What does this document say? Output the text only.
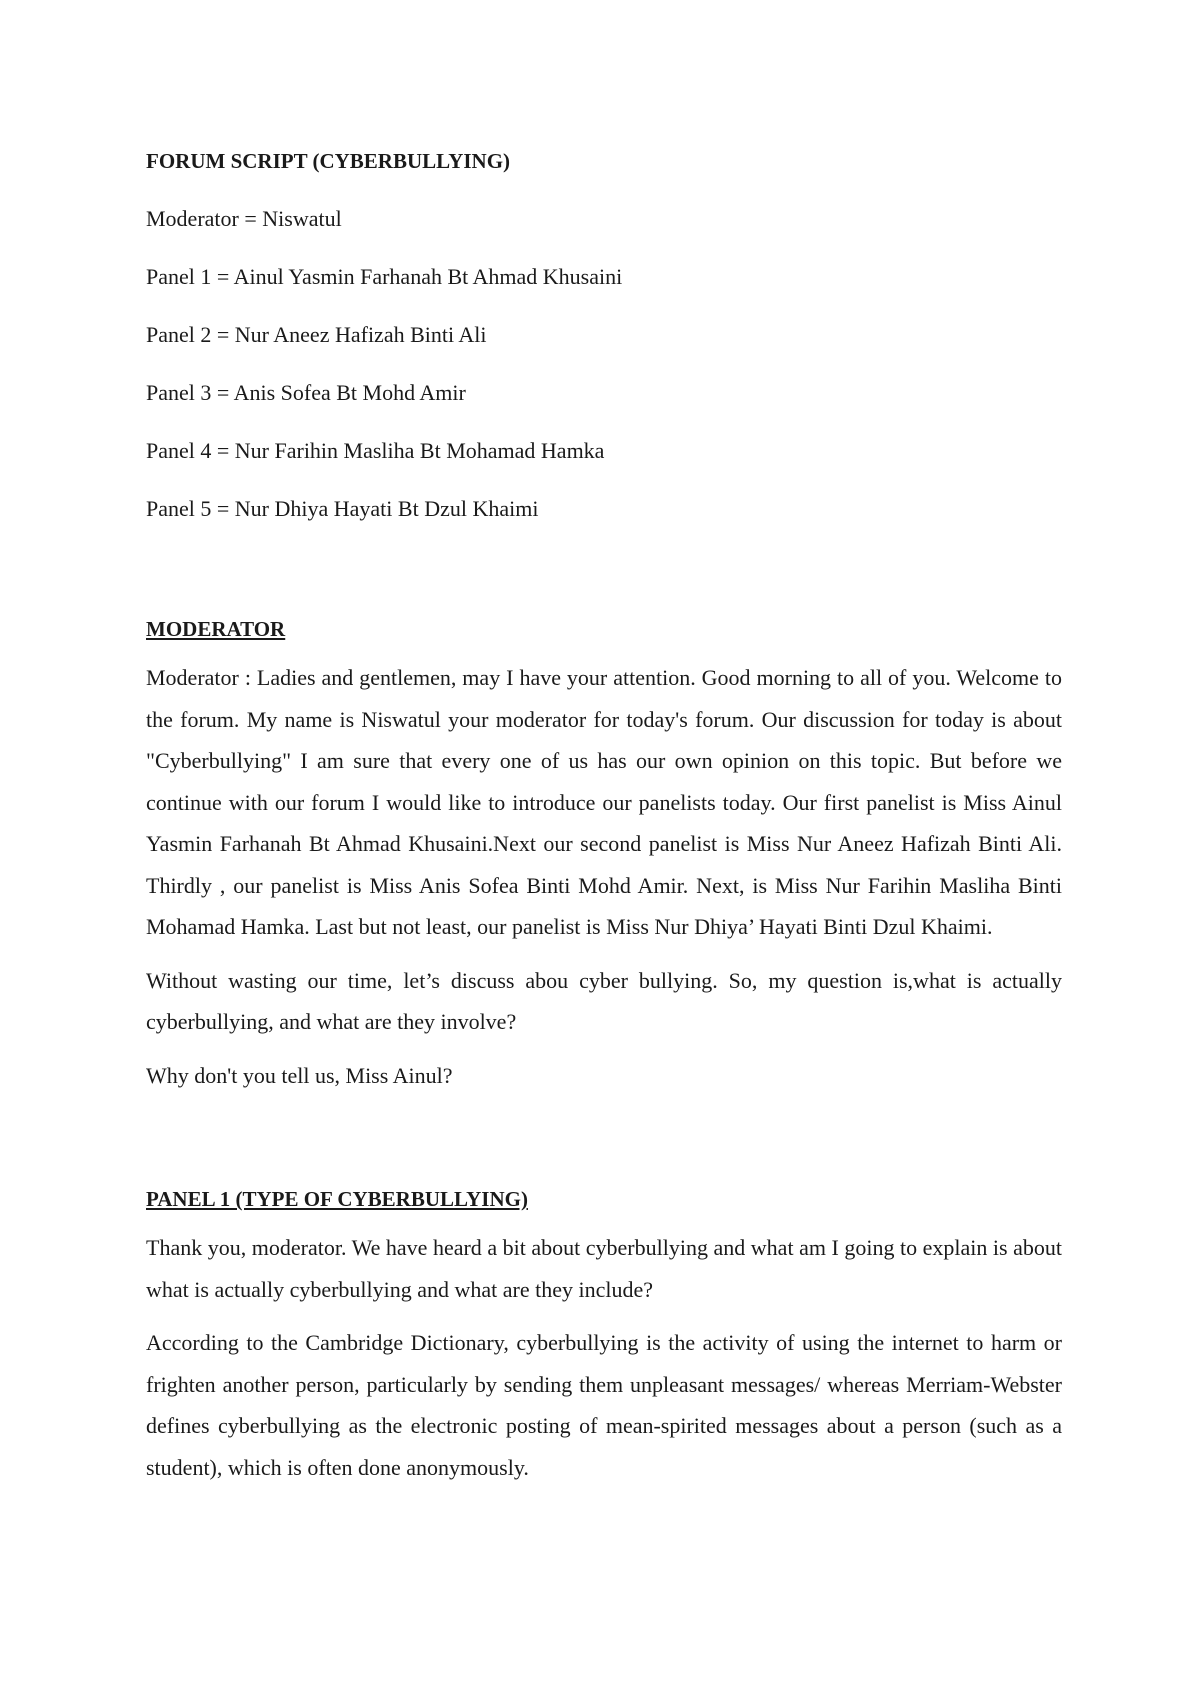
FORUM SCRIPT (CYBERBULLYING)

Moderator = Niswatul

Panel 1 = Ainul Yasmin Farhanah Bt Ahmad Khusaini

Panel 2 = Nur Aneez Hafizah Binti Ali

Panel 3 = Anis Sofea Bt Mohd Amir

Panel 4 = Nur Farihin Masliha Bt Mohamad Hamka

Panel 5 = Nur Dhiya Hayati Bt Dzul Khaimi

MODERATOR

Moderator : Ladies and gentlemen, may I have your attention. Good morning to all of you. Welcome to the forum. My name is Niswatul your moderator for today's forum. Our discussion for today is about "Cyberbullying" I am sure that every one of us has our own opinion on this topic. But before we continue with our forum I would like to introduce our panelists today. Our first panelist is Miss Ainul Yasmin Farhanah Bt Ahmad Khusaini.Next our second panelist is Miss Nur Aneez Hafizah Binti Ali. Thirdly , our panelist is Miss Anis Sofea Binti Mohd Amir. Next, is Miss Nur Farihin Masliha Binti Mohamad Hamka. Last but not least, our panelist is Miss Nur Dhiya’ Hayati Binti Dzul Khaimi.

Without wasting our time, let’s discuss abou cyber bullying. So, my question is,what is actually cyberbullying, and what are they involve?

Why don't you tell us, Miss Ainul?

PANEL 1 (TYPE OF CYBERBULLYING)

Thank you, moderator. We have heard a bit about cyberbullying and what am I going to explain is about what is actually cyberbullying and what are they include?

According to the Cambridge Dictionary, cyberbullying is the activity of using the internet to harm or frighten another person, particularly by sending them unpleasant messages/ whereas Merriam-Webster defines cyberbullying as the electronic posting of mean-spirited messages about a person (such as a student), which is often done anonymously.
